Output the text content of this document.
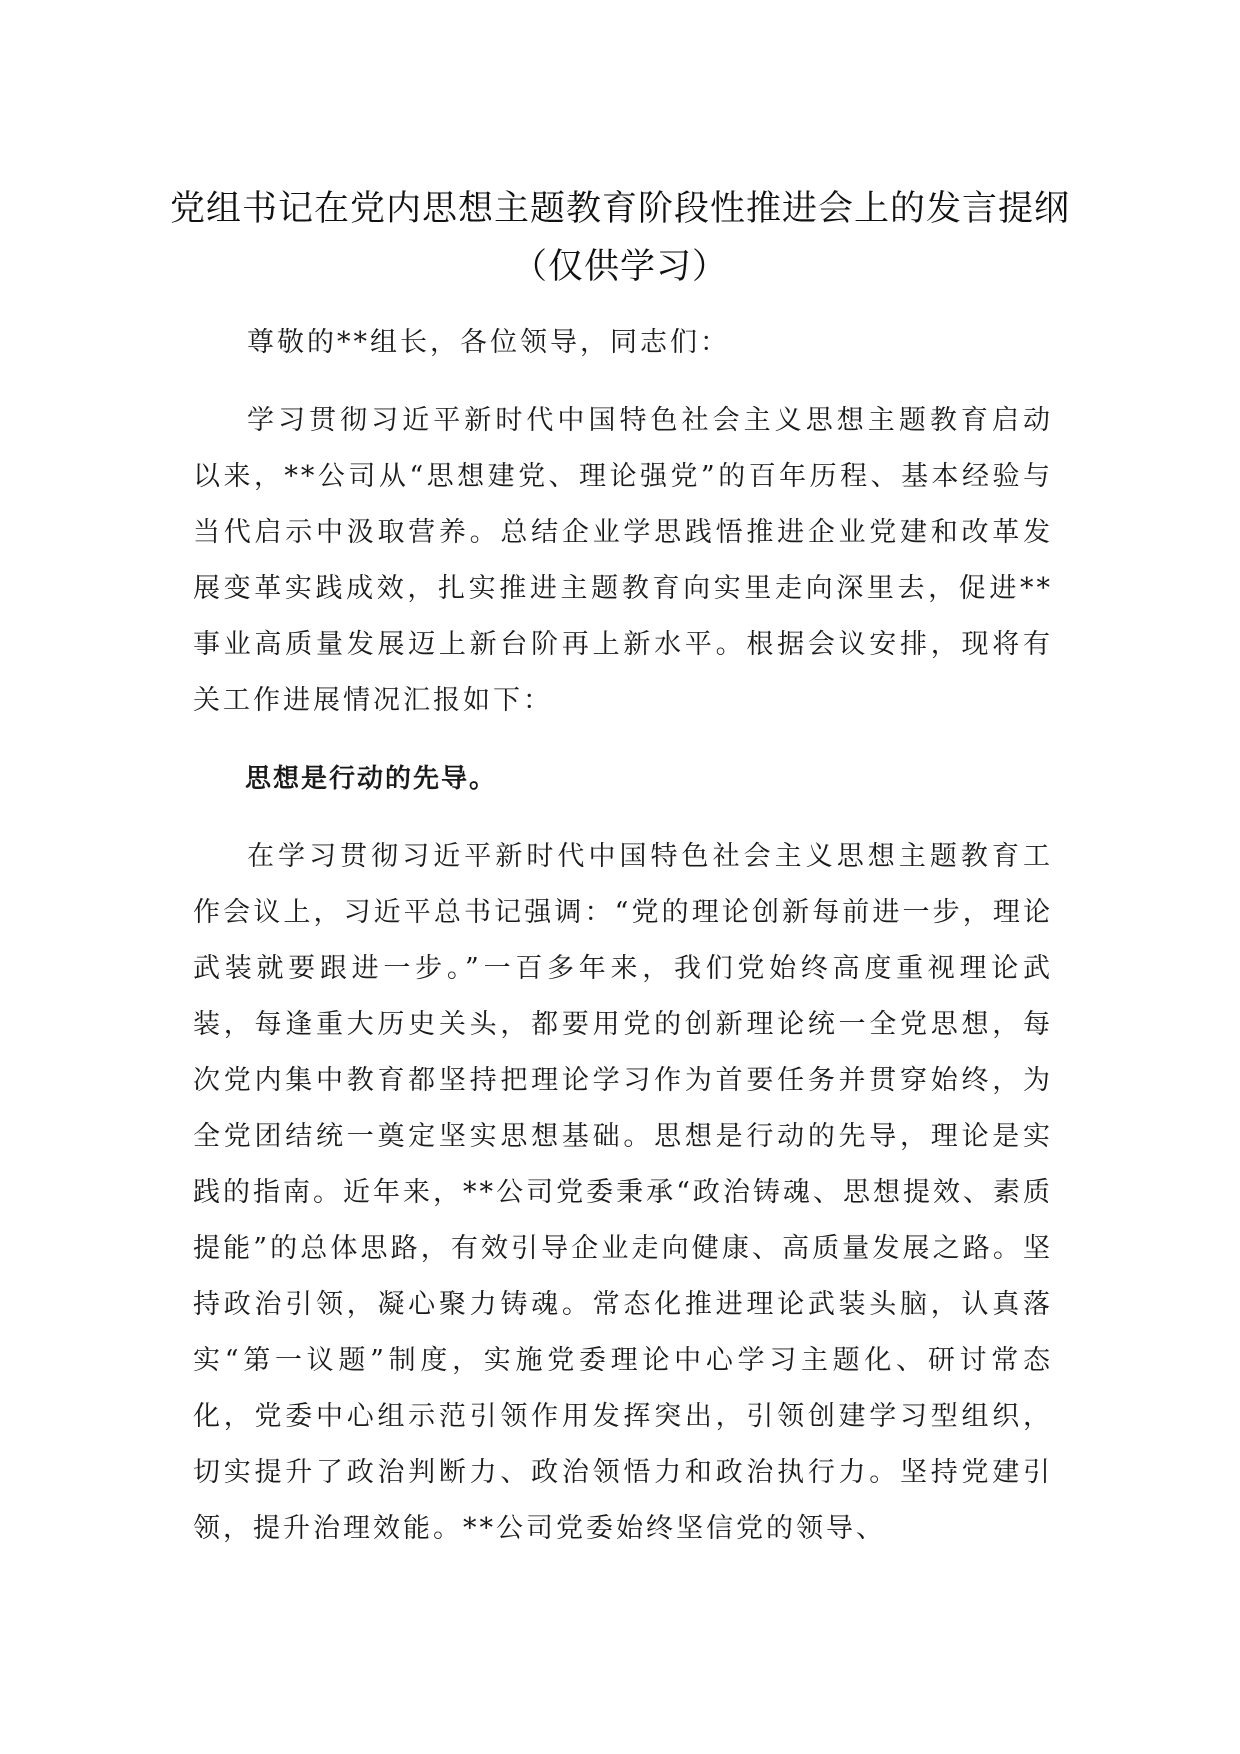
党组书记在党内思想主题教育阶段性推进会上的发言提纲
（仅供学习）

尊敬的**组长，各位领导，同志们：

学习贯彻习近平新时代中国特色社会主义思想主题教育启动以来，**公司从“思想建党、理论强党”的百年历程、基本经验与当代启示中汲取营养。总结企业学思践悟推进企业党建和改革发展变革实践成效，扎实推进主题教育向实里走向深里去，促进**事业高质量发展迈上新台阶再上新水平。根据会议安排，现将有关工作进展情况汇报如下：

思想是行动的先导。

在学习贯彻习近平新时代中国特色社会主义思想主题教育工作会议上，习近平总书记强调：“党的理论创新每前进一步，理论武装就要跟进一步。”一百多年来，我们党始终高度重视理论武装，每逢重大历史关头，都要用党的创新理论统一全党思想，每次党内集中教育都坚持把理论学习作为首要任务并贯穿始终，为全党团结统一奠定坚实思想基础。思想是行动的先导，理论是实践的指南。近年来，**公司党委秉承“政治铸魂、思想提效、素质提能”的总体思路，有效引导企业走向健康、高质量发展之路。坚持政治引领，凝心聚力铸魂。常态化推进理论武装头脑，认真落实“第一议题”制度，实施党委理论中心学习主题化、研讨常态化，党委中心组示范引领作用发挥突出，引领创建学习型组织，切实提升了政治判断力、政治领悟力和政治执行力。坚持党建引领，提升治理效能。**公司党委始终坚信党的领导、
